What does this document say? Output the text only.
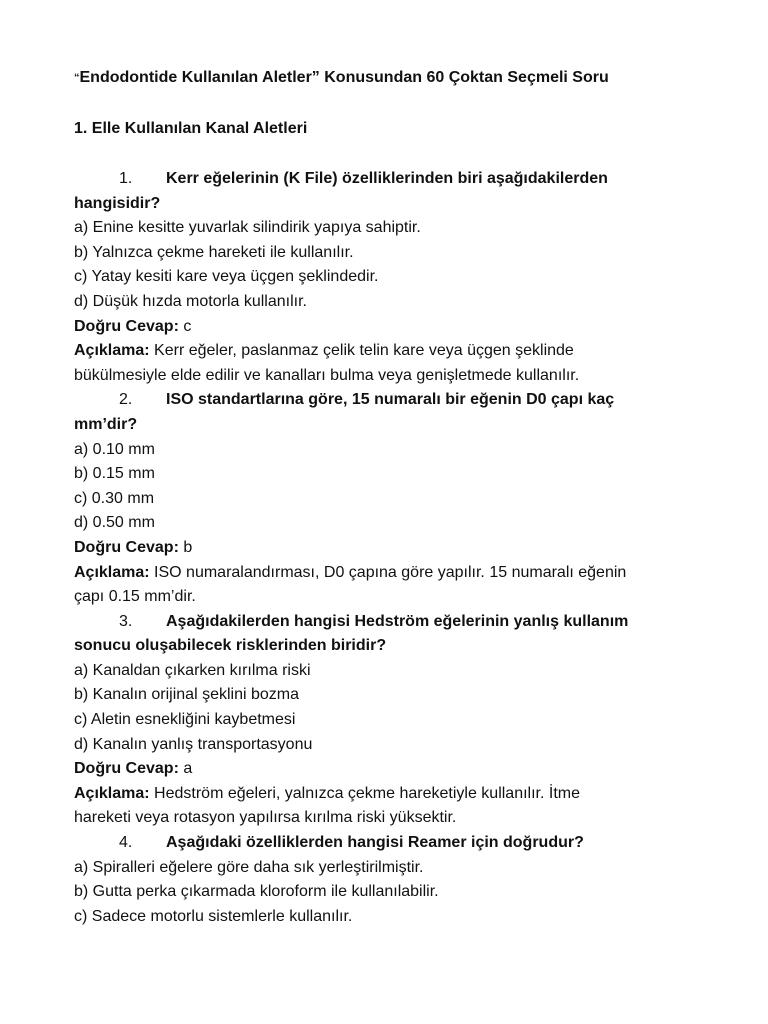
“Endodontide Kullanılan Aletler” Konusundan 60 Çoktan Seçmeli Soru

1. Elle Kullanılan Kanal Aletleri

1. Kerr eğelerinin (K File) özelliklerinden biri aşağıdakilerden

hangisidir?

a) Enine kesitte yuvarlak silindirik yapıya sahiptir.

b) Yalnızca çekme hareketi ile kullanılır.

c) Yatay kesiti kare veya üçgen şeklindedir.

d) Düşük hızda motorla kullanılır.

Doğru Cevap: c

Açıklama: Kerr eğeler, paslanmaz çelik telin kare veya üçgen şeklinde

bükülmesiyle elde edilir ve kanalları bulma veya genişletmede kullanılır.

2. ISO standartlarına göre, 15 numaralı bir eğenin D0 çapı kaç

mm’dir?

a) 0.10 mm

b) 0.15 mm

c) 0.30 mm

d) 0.50 mm

Doğru Cevap: b

Açıklama: ISO numaralandırması, D0 çapına göre yapılır. 15 numaralı eğenin

çapı 0.15 mm’dir.

3. Aşağıdakilerden hangisi Hedström eğelerinin yanlış kullanım

sonucu oluşabilecek risklerinden biridir?

a) Kanaldan çıkarken kırılma riski

b) Kanalın orijinal şeklini bozma

c) Aletin esnekliğini kaybetmesi

d) Kanalın yanlış transportasyonu

Doğru Cevap: a

Açıklama: Hedström eğeleri, yalnızca çekme hareketiyle kullanılır. İtme

hareketi veya rotasyon yapılırsa kırılma riski yüksektir.

4. Aşağıdaki özelliklerden hangisi Reamer için doğrudur?

a) Spiralleri eğelere göre daha sık yerleştirilmiştir.

b) Gutta perka çıkarmada kloroform ile kullanılabilir.

c) Sadece motorlu sistemlerle kullanılır.
